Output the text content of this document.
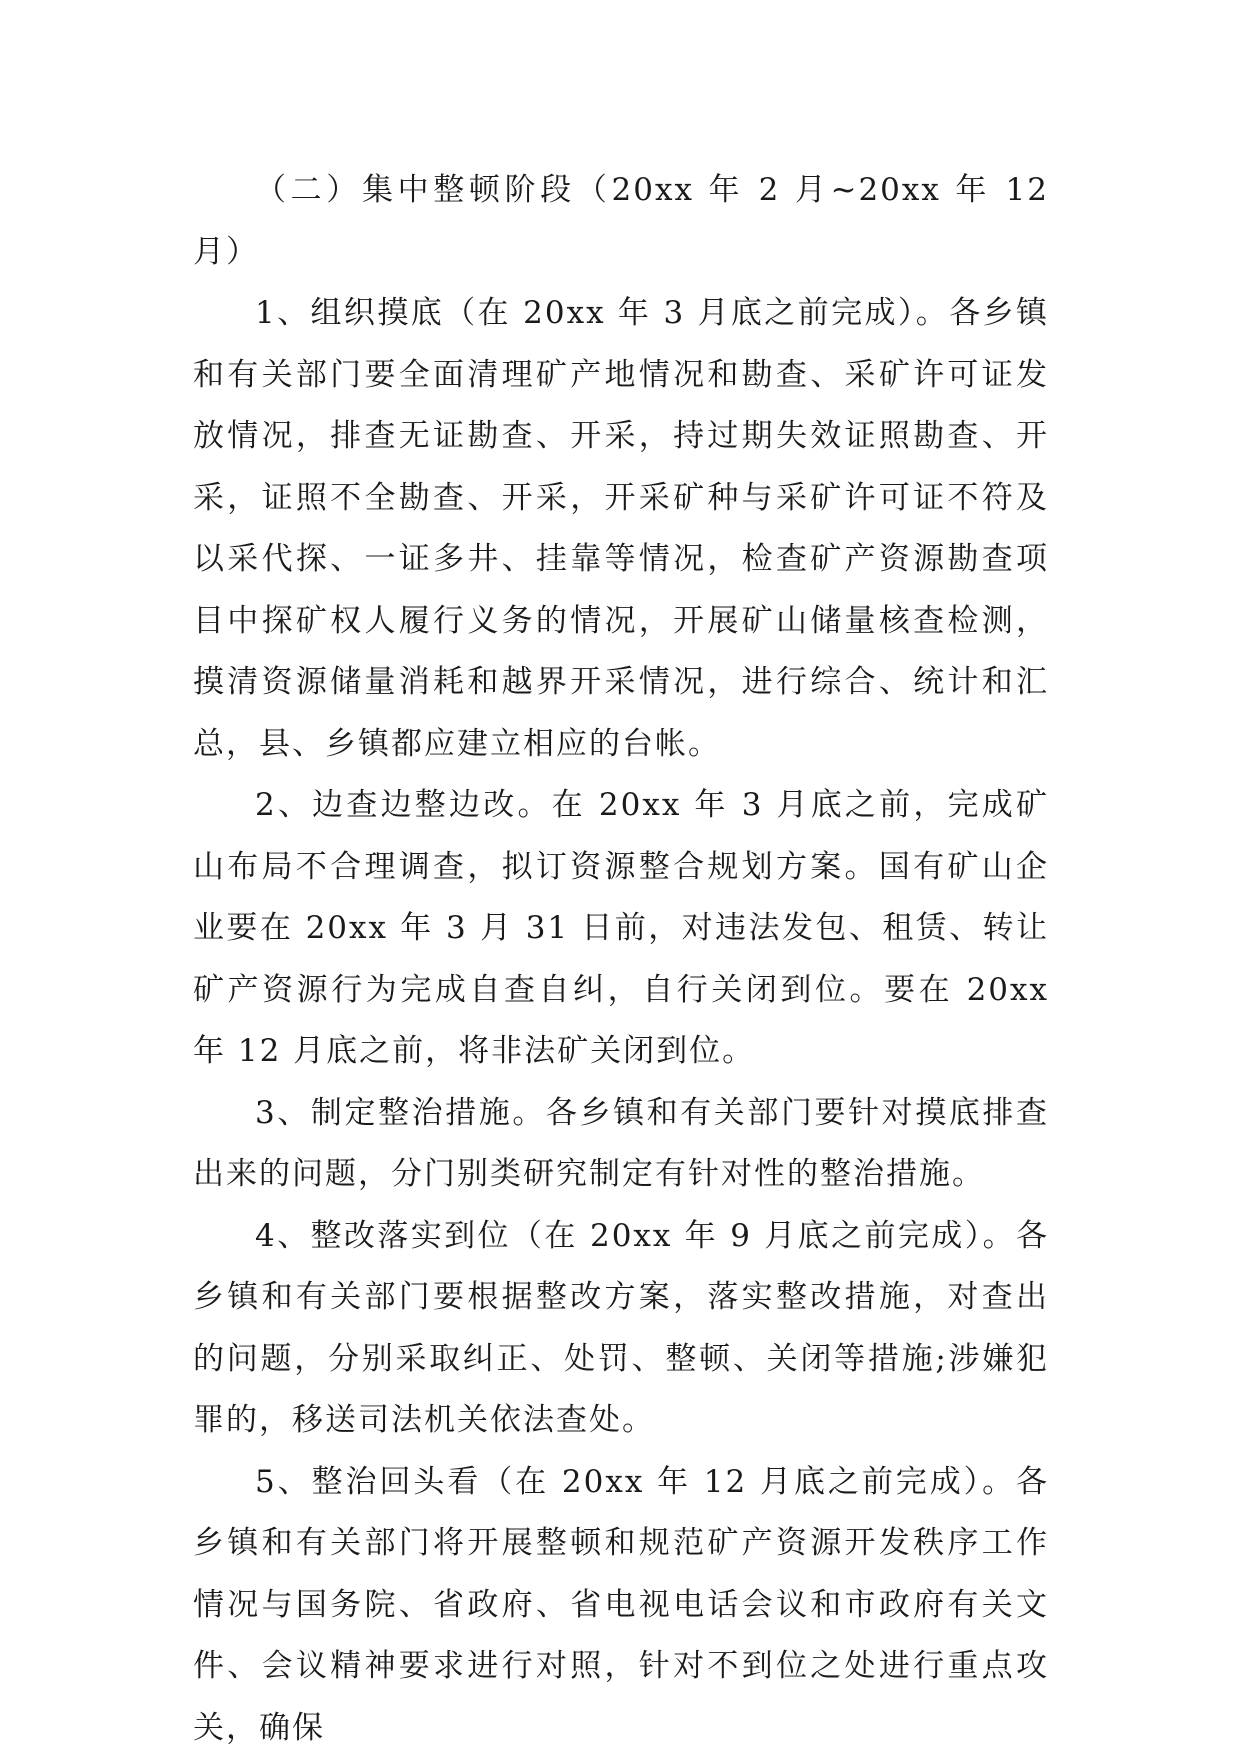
（二）集中整顿阶段（20xx 年 2 月~20xx 年 12 月）

1、组织摸底（在 20xx 年 3 月底之前完成）。各乡镇和有关部门要全面清理矿产地情况和勘查、采矿许可证发放情况，排查无证勘查、开采，持过期失效证照勘查、开采，证照不全勘查、开采，开采矿种与采矿许可证不符及以采代探、一证多井、挂靠等情况，检查矿产资源勘查项目中探矿权人履行义务的情况，开展矿山储量核查检测，摸清资源储量消耗和越界开采情况，进行综合、统计和汇总，县、乡镇都应建立相应的台帐。

2、边查边整边改。在 20xx 年 3 月底之前，完成矿山布局不合理调查，拟订资源整合规划方案。国有矿山企业要在 20xx 年 3 月 31 日前，对违法发包、租赁、转让矿产资源行为完成自查自纠，自行关闭到位。要在 20xx 年 12 月底之前，将非法矿关闭到位。

3、制定整治措施。各乡镇和有关部门要针对摸底排查出来的问题，分门别类研究制定有针对性的整治措施。

4、整改落实到位（在 20xx 年 9 月底之前完成）。各乡镇和有关部门要根据整改方案，落实整改措施，对查出的问题，分别采取纠正、处罚、整顿、关闭等措施;涉嫌犯罪的，移送司法机关依法查处。

5、整治回头看（在 20xx 年 12 月底之前完成）。各乡镇和有关部门将开展整顿和规范矿产资源开发秩序工作情况与国务院、省政府、省电视电话会议和市政府有关文件、会议精神要求进行对照，针对不到位之处进行重点攻关，确保
